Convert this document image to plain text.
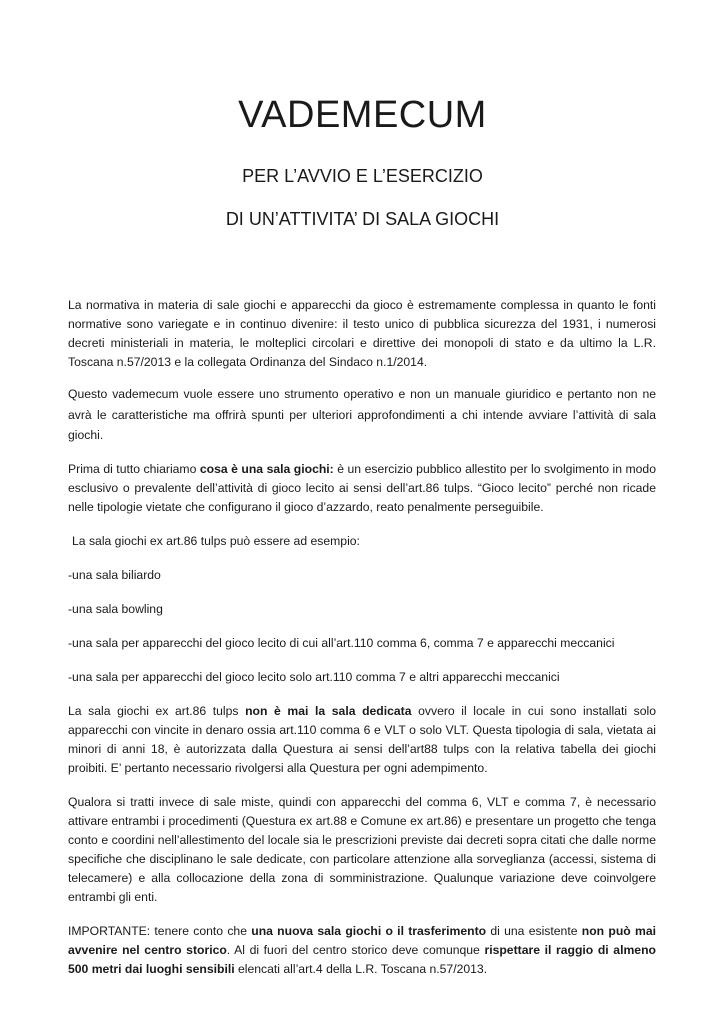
VADEMECUM
PER L’AVVIO E L’ESERCIZIO
DI UN’ATTIVITA’ DI SALA GIOCHI

La normativa in materia di sale giochi e apparecchi da gioco è estremamente complessa in quanto le fonti normative sono variegate e in continuo divenire: il testo unico di pubblica sicurezza del 1931, i numerosi decreti ministeriali in materia, le molteplici circolari e direttive dei monopoli di stato e da ultimo la L.R. Toscana n.57/2013 e la collegata Ordinanza del Sindaco n.1/2014.

Questo vademecum vuole essere uno strumento operativo e non un manuale giuridico e pertanto non ne avrà le caratteristiche ma offrirà spunti per ulteriori approfondimenti a chi intende avviare l’attività di sala giochi.

Prima di tutto chiariamo cosa è una sala giochi: è un esercizio pubblico allestito per lo svolgimento in modo esclusivo o prevalente dell’attività di gioco lecito ai sensi dell’art.86 tulps. “Gioco lecito” perché non ricade nelle tipologie vietate che configurano il gioco d’azzardo, reato penalmente perseguibile.

La sala giochi ex art.86 tulps può essere ad esempio:

-una sala biliardo

-una sala bowling

-una sala per apparecchi del gioco lecito di cui all’art.110 comma 6, comma 7 e apparecchi meccanici

-una sala per apparecchi del gioco lecito solo art.110 comma 7 e altri apparecchi meccanici

La sala giochi ex art.86 tulps non è mai la sala dedicata ovvero il locale in cui sono installati solo apparecchi con vincite in denaro ossia art.110 comma 6 e VLT o solo VLT. Questa tipologia di sala, vietata ai minori di anni 18, è autorizzata dalla Questura ai sensi dell’art88 tulps con la relativa tabella dei giochi proibiti. E’ pertanto necessario rivolgersi alla Questura per ogni adempimento.

Qualora si tratti invece di sale miste, quindi con apparecchi del comma 6, VLT e comma 7, è necessario attivare entrambi i procedimenti (Questura ex art.88 e Comune ex art.86) e presentare un progetto che tenga conto e coordini nell’allestimento del locale sia le prescrizioni previste dai decreti sopra citati che dalle norme specifiche che disciplinano le sale dedicate, con particolare attenzione alla sorveglianza (accessi, sistema di telecamere) e alla collocazione della zona di somministrazione. Qualunque variazione deve coinvolgere entrambi gli enti.

IMPORTANTE: tenere conto che una nuova sala giochi o il trasferimento di una esistente non può mai avvenire nel centro storico. Al di fuori del centro storico deve comunque rispettare il raggio di almeno 500 metri dai luoghi sensibili elencati all’art.4 della L.R. Toscana n.57/2013.
